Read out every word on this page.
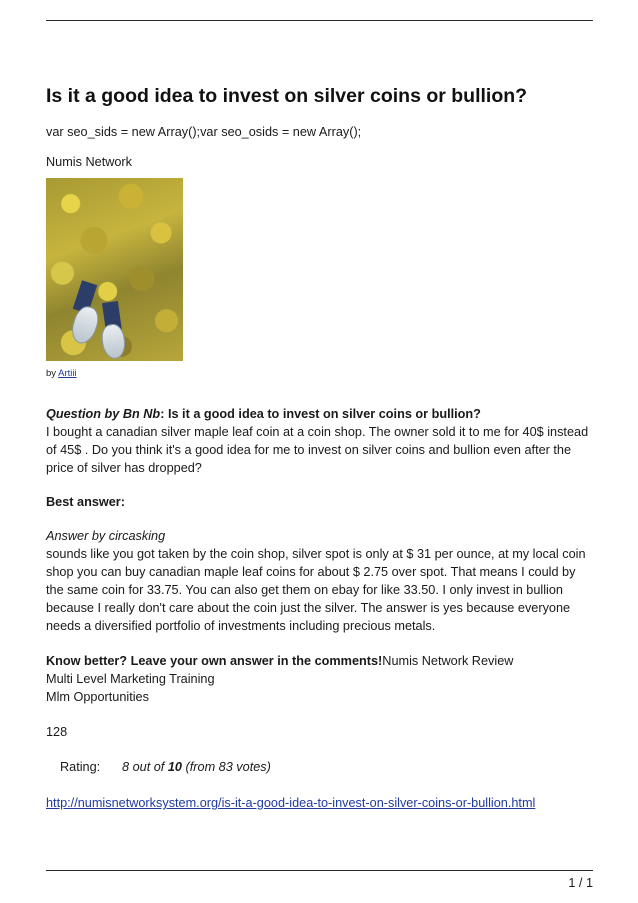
Is it a good idea to invest on silver coins or bullion?

var seo_sids = new Array();var seo_osids = new Array();

Numis Network

by Artiii

Question by Bn Nb: Is it a good idea to invest on silver coins or bullion?

I bought a canadian silver maple leaf coin at a coin shop. The owner sold it to me for 40$ instead of 45$ . Do you think it's a good idea for me to invest on silver coins and bullion even after the price of silver has dropped?

Best answer:

Answer by circasking

sounds like you got taken by the coin shop, silver spot is only at $ 31 per ounce, at my local coin shop you can buy canadian maple leaf coins for about $ 2.75 over spot. That means I could by the same coin for 33.75. You can also get them on ebay for like 33.50. I only invest in bullion because I really don't care about the coin just the silver. The answer is yes because everyone needs a diversified portfolio of investments including precious metals.

Know better? Leave your own answer in the comments!Numis Network Review

Multi Level Marketing Training

Mlm Opportunities

128

Rating: 8 out of 10 (from 83 votes)

http://numisnetworksystem.org/is-it-a-good-idea-to-invest-on-silver-coins-or-bullion.html

1 / 1
